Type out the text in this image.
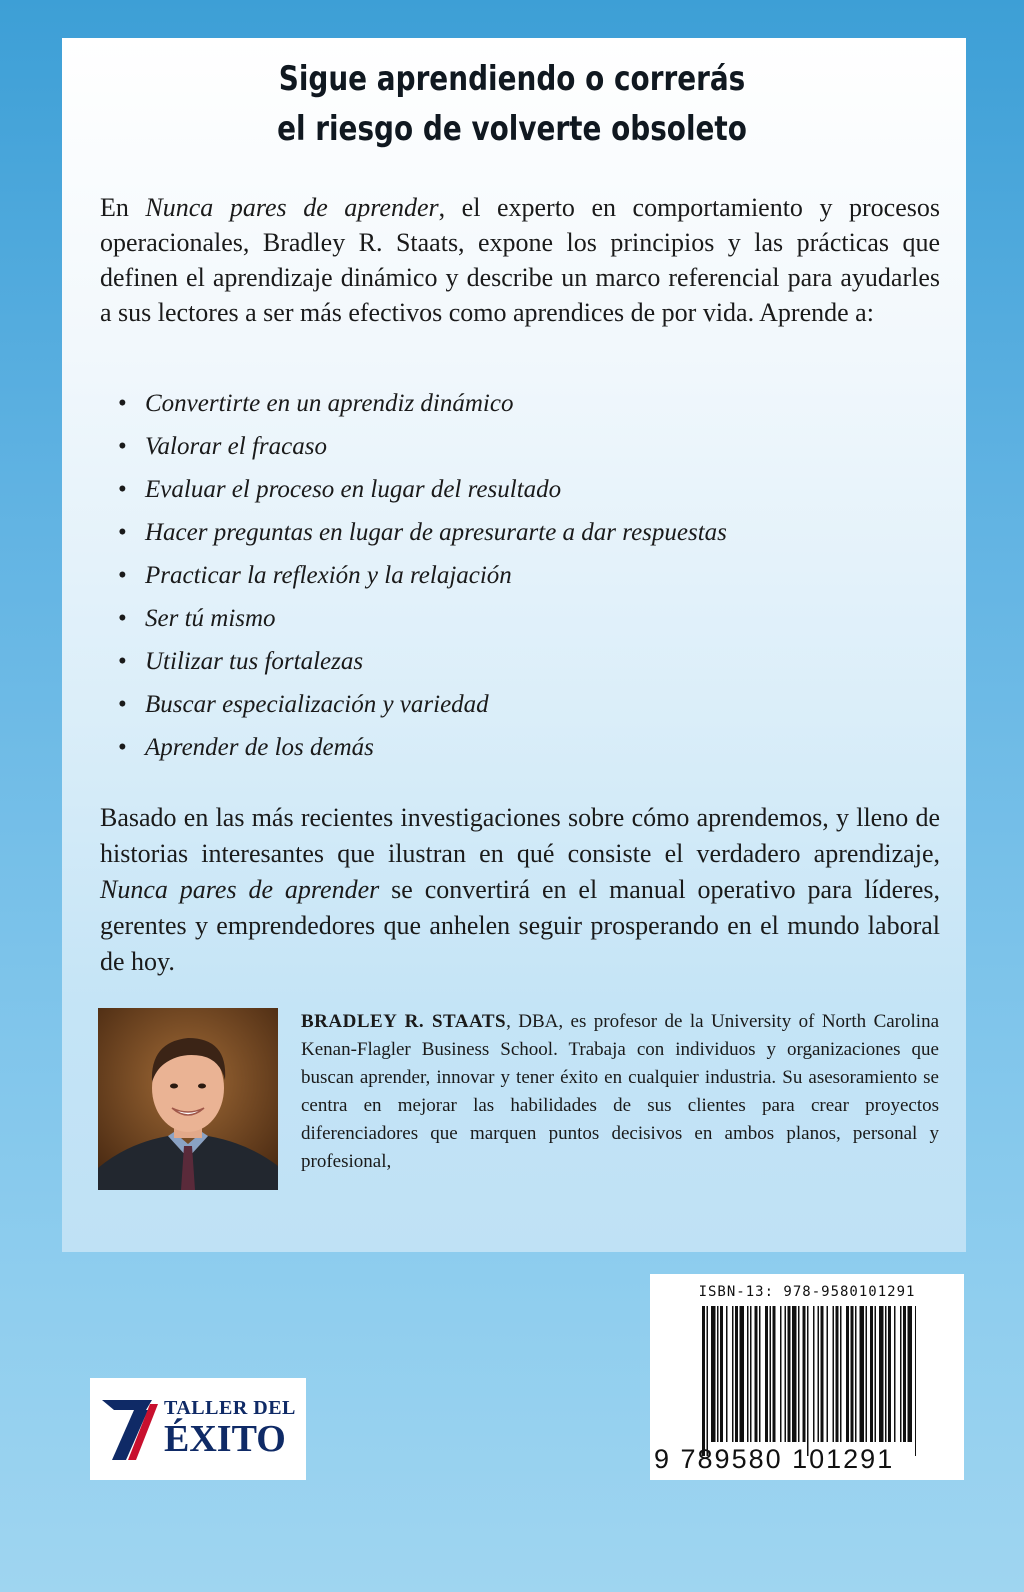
Sigue aprendiendo o correrás
el riesgo de volverte obsoleto
En Nunca pares de aprender, el experto en comportamiento y procesos operacionales, Bradley R. Staats, expone los principios y las prácticas que definen el aprendizaje dinámico y describe un marco referencial para ayudarles a sus lectores a ser más efectivos como aprendices de por vida. Aprende a:
• Convertirte en un aprendiz dinámico
• Valorar el fracaso
• Evaluar el proceso en lugar del resultado
• Hacer preguntas en lugar de apresurarte a dar respuestas
• Practicar la reflexión y la relajación
• Ser tú mismo
• Utilizar tus fortalezas
• Buscar especialización y variedad
• Aprender de los demás
Basado en las más recientes investigaciones sobre cómo aprendemos, y lleno de historias interesantes que ilustran en qué consiste el verdadero aprendizaje, Nunca pares de aprender se convertirá en el manual operativo para líderes, gerentes y emprendedores que anhelen seguir prosperando en el mundo laboral de hoy.
BRADLEY R. STAATS, DBA, es profesor de la University of North Carolina Kenan-Flagler Business School. Trabaja con individuos y organizaciones que buscan aprender, innovar y tener éxito en cualquier industria. Su asesoramiento se centra en mejorar las habilidades de sus clientes para crear proyectos diferenciadores que marquen puntos decisivos en ambos planos, personal y profesional,
TALLER DEL
ÉXITO
ISBN-13: 978-9580101291
9 789580 101291
